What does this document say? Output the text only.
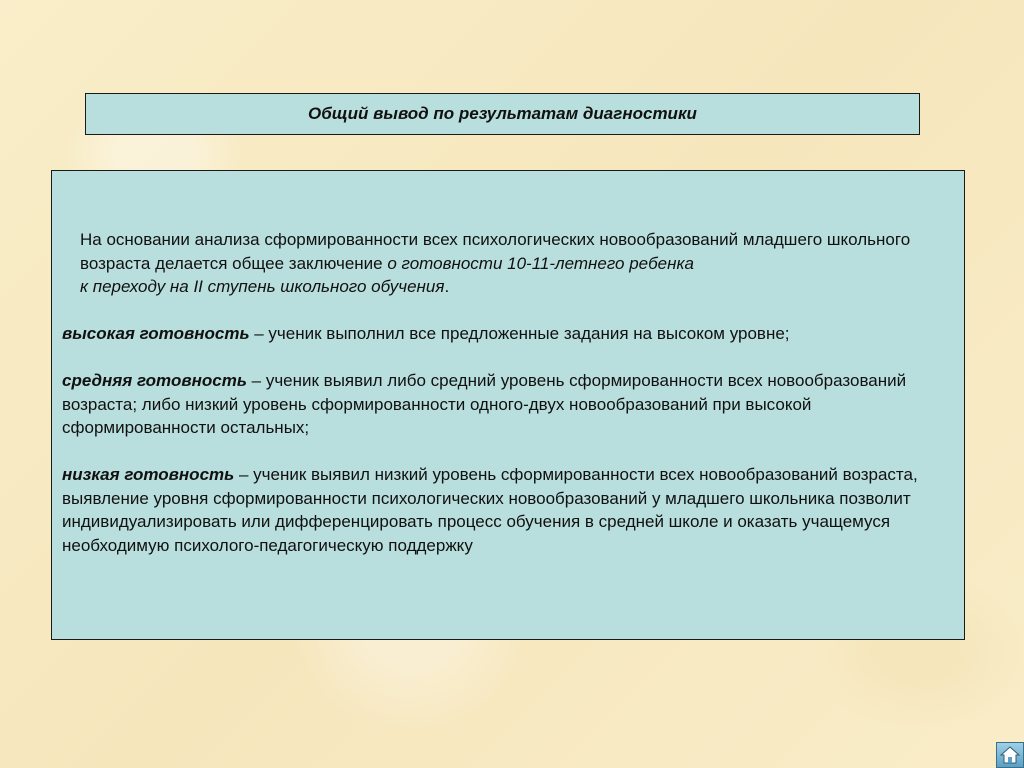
Общий вывод по результатам диагностики

На основании анализа сформированности всех психологических новообразований младшего школьного возраста делается общее заключение о готовности 10-11-летнего ребенка
к переходу на II ступень школьного обучения.

высокая готовность – ученик выполнил все предложенные задания на высоком уровне;

средняя готовность – ученик выявил либо средний уровень сформированности всех новообразований возраста; либо низкий уровень сформированности одного-двух новообразований при высокой сформированности остальных;

низкая готовность – ученик выявил низкий уровень сформированности всех новообразований возраста, выявление уровня сформированности психологических новообразований у младшего школьника позволит индивидуализировать или дифференцировать процесс обучения в средней школе и оказать учащемуся необходимую психолого-педагогическую поддержку
